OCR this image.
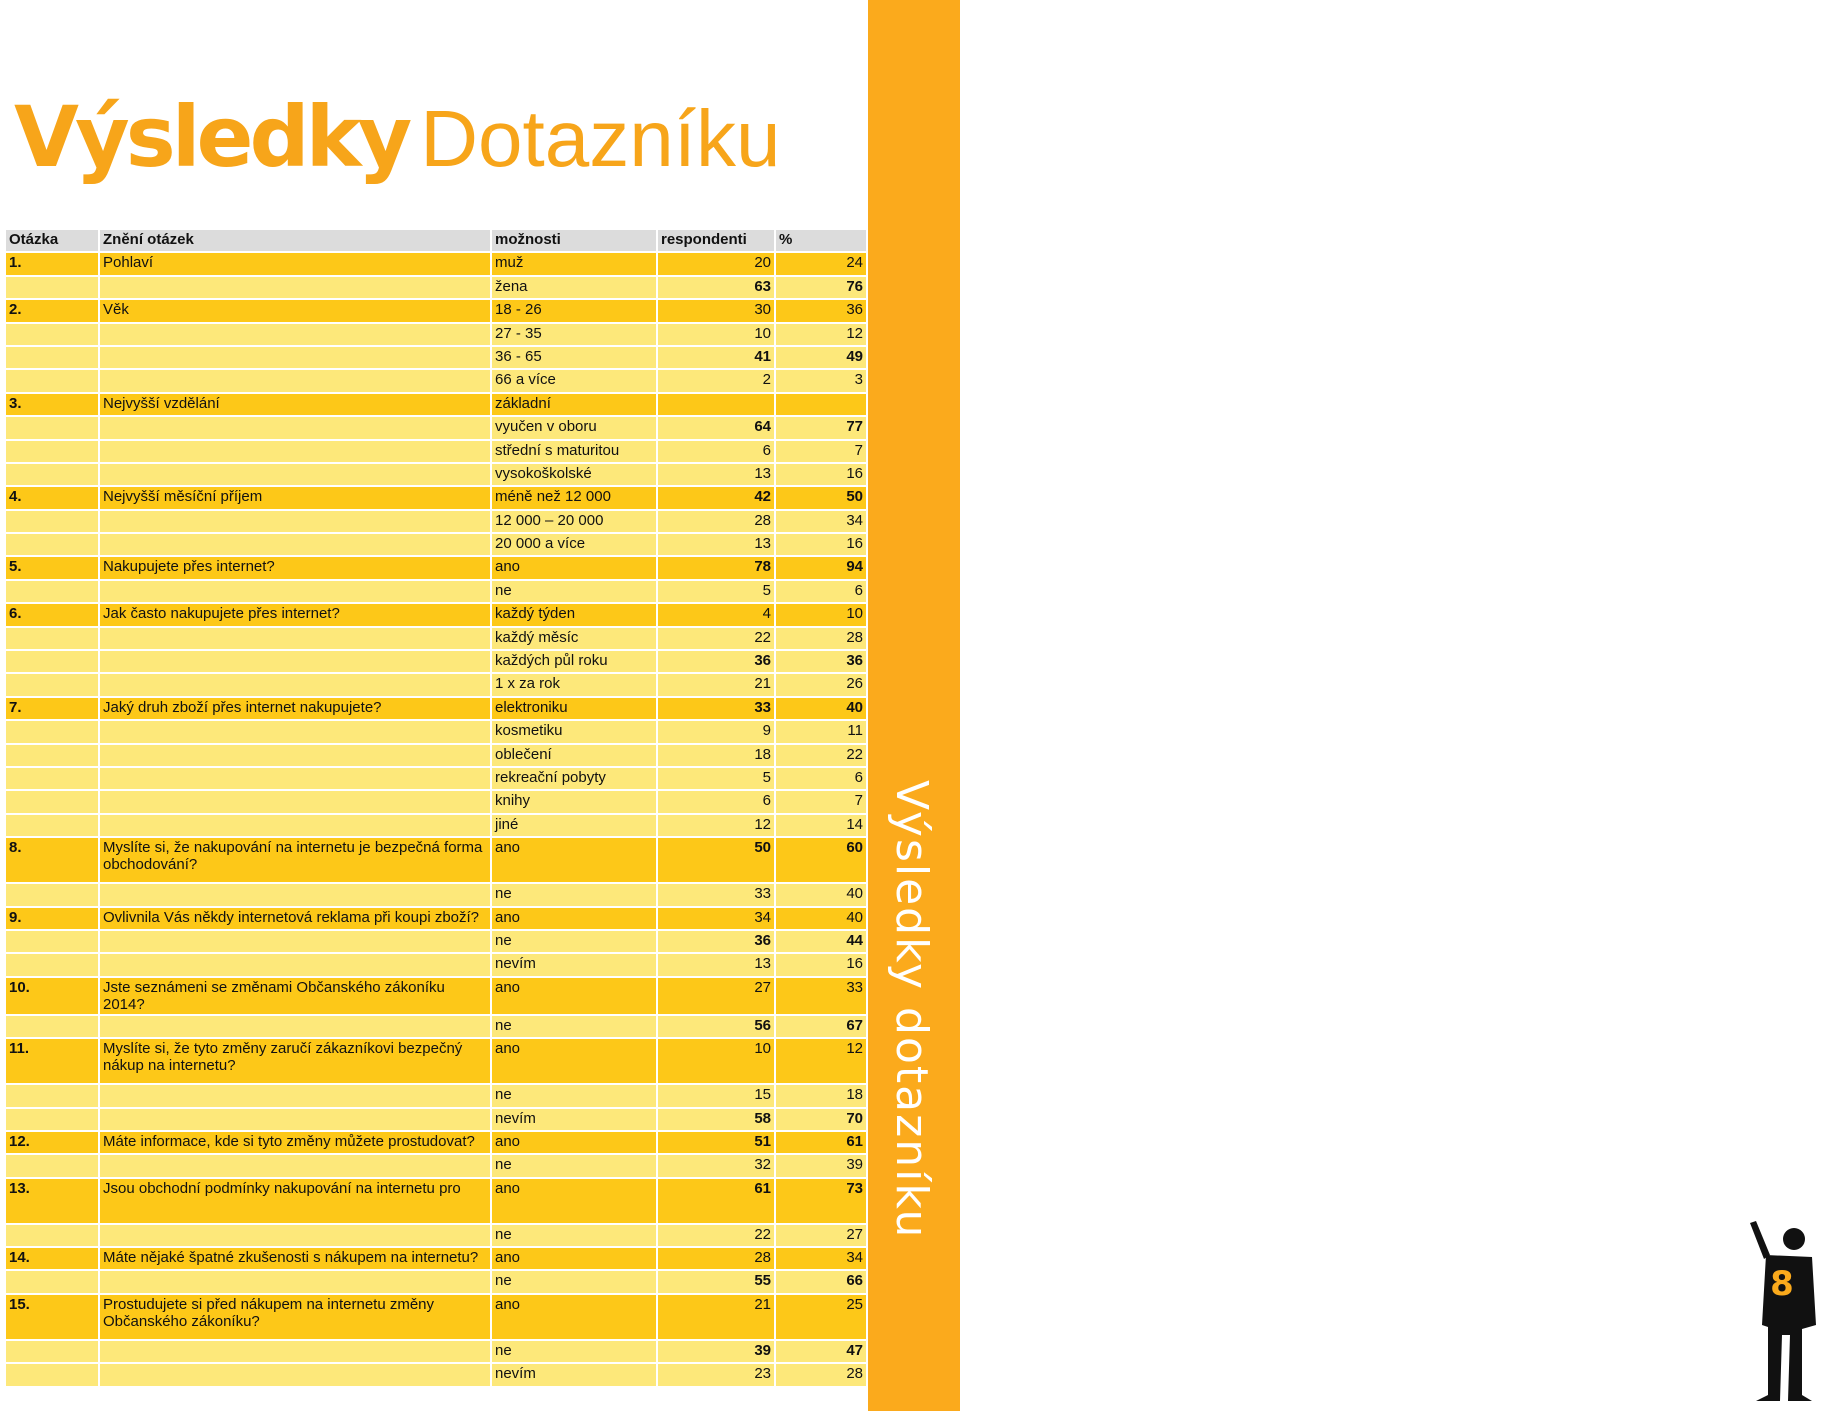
Výsledky Dotazníku
Výsledky dotazníku
8
Otázka	Znění otázek	možnosti	respondenti	%
1.	Pohlaví	muž	20	24
		žena	63	76
2.	Věk	18 - 26	30	36
		27 - 35	10	12
		36 - 65	41	49
		66 a více	2	3
3.	Nejvyšší vzdělání	základní		
		vyučen v oboru	64	77
		střední s maturitou	6	7
		vysokoškolské	13	16
4.	Nejvyšší měsíční příjem	méně než 12 000	42	50
		12 000 – 20 000	28	34
		20 000 a více	13	16
5.	Nakupujete přes internet?	ano	78	94
		ne	5	6
6.	Jak často nakupujete přes internet?	každý týden	4	10
		každý měsíc	22	28
		každých půl roku	36	36
		1 x za rok	21	26
7.	Jaký druh zboží přes internet nakupujete?	elektroniku	33	40
		kosmetiku	9	11
		oblečení	18	22
		rekreační pobyty	5	6
		knihy	6	7
		jiné	12	14
8.	Myslíte si, že nakupování na internetu je bezpečná forma obchodování?	ano	50	60
		ne	33	40
9.	Ovlivnila Vás někdy internetová reklama při koupi zboží?	ano	34	40
		ne	36	44
		nevím	13	16
10.	Jste seznámeni se změnami Občanského zákoníku 2014?	ano	27	33
		ne	56	67
11.	Myslíte si, že tyto změny zaručí zákazníkovi bezpečný nákup na internetu?	ano	10	12
		ne	15	18
		nevím	58	70
12.	Máte informace, kde si tyto změny můžete prostudovat?	ano	51	61
		ne	32	39
13.	Jsou obchodní podmínky nakupování na internetu pro	ano	61	73
		ne	22	27
14.	Máte nějaké špatné zkušenosti s nákupem na internetu?	ano	28	34
		ne	55	66
15.	Prostudujete si před nákupem na internetu změny Občanského zákoníku?	ano	21	25
		ne	39	47
		nevím	23	28
